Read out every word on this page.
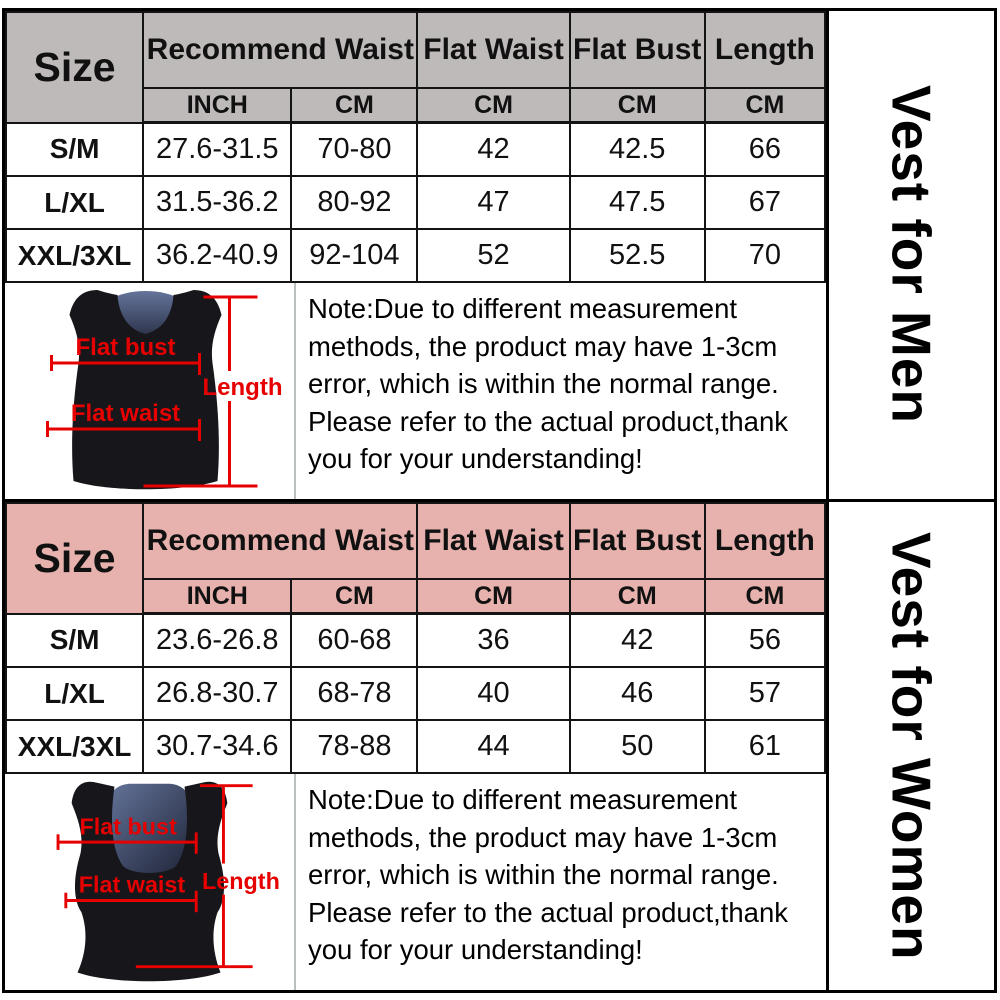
Size	Recommend Waist		Flat Waist	Flat Bust	Length
	INCH	CM	CM	CM	CM
S/M	27.6-31.5	70-80	42	42.5	66
L/XL	31.5-36.2	80-92	47	47.5	67
XXL/3XL	36.2-40.9	92-104	52	52.5	70
Flat bust
Flat waist
Length

Note:Due to different measurement methods, the product may have 1-3cm error, which is within the normal range. Please refer to the actual product,thank you for your understanding!

Vest for Men
Size	Recommend Waist		Flat Waist	Flat Bust	Length
	INCH	CM	CM	CM	CM
S/M	23.6-26.8	60-68	36	42	56
L/XL	26.8-30.7	68-78	40	46	57
XXL/3XL	30.7-34.6	78-88	44	50	61
Flat bust
Flat waist Length

Note:Due to different measurement methods, the product may have 1-3cm error, which is within the normal range. Please refer to the actual product,thank you for your understanding!	Vest for Women
